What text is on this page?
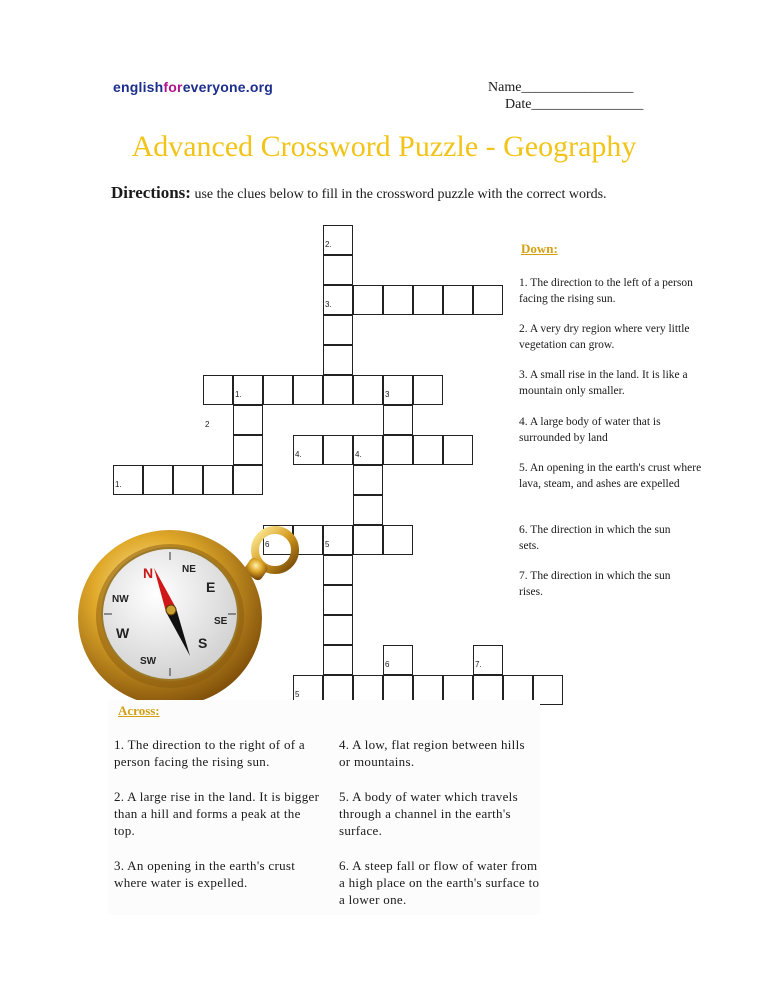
englishforeveryone.org	Name________________
Date________________
Advanced Crossword Puzzle - Geography
Directions: use the clues below to fill in the crossword puzzle with the correct words.
2.
3.
1.	3
2
4.	4.
1.
6	5
6	7.
5
Down:
1. The direction to the left of a person facing the rising sun.
2. A very dry region where very little vegetation can grow.
3. A small rise in the land. It is like a mountain only smaller.
4. A large body of water that is surrounded by land
5. An opening in the earth's crust where lava, steam, and ashes are expelled
6. The direction in which the sun sets.
7. The direction in which the sun rises.
N
E
S
W
NE
NW
SE
SW
Across:
1. The direction to the right of of a person facing the rising sun.
2. A large rise in the land. It is bigger than a hill and forms a peak at the top.
3. An opening in the earth's crust where water is expelled.
4. A low, flat region between hills or mountains.
5. A body of water which travels through a channel in the earth's surface.
6. A steep fall or flow of water from a high place on the earth's surface to a lower one.
